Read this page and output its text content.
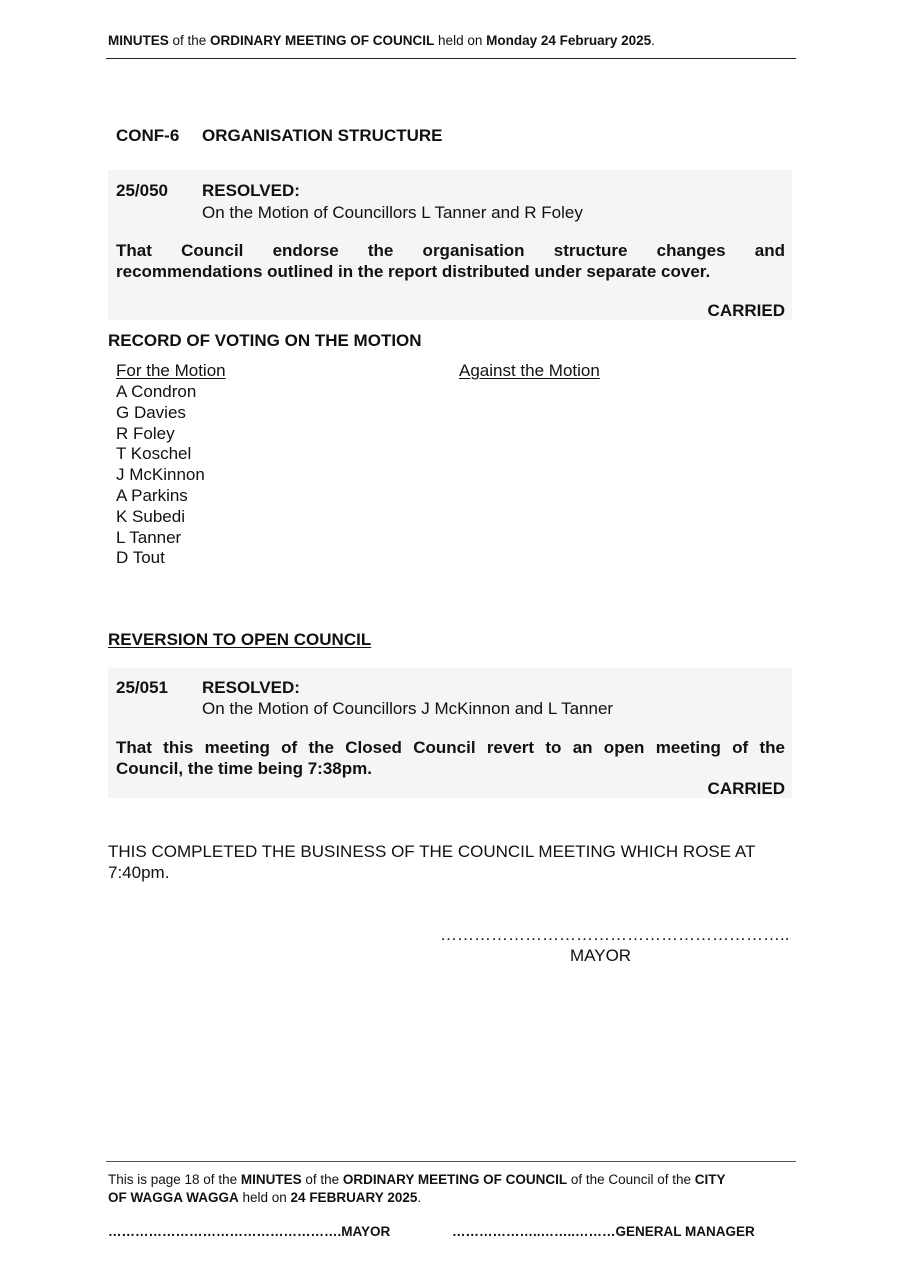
MINUTES of the ORDINARY MEETING OF COUNCIL held on Monday 24 February 2025.
CONF-6 ORGANISATION STRUCTURE
25/050 RESOLVED:
On the Motion of Councillors L Tanner and R Foley
That Council endorse the organisation structure changes and
recommendations outlined in the report distributed under separate cover.
CARRIED
RECORD OF VOTING ON THE MOTION
For the Motion	Against the Motion
A Condron
G Davies
R Foley
T Koschel
J McKinnon
A Parkins
K Subedi
L Tanner
D Tout
REVERSION TO OPEN COUNCIL
25/051 RESOLVED:
On the Motion of Councillors J McKinnon and L Tanner
That this meeting of the Closed Council revert to an open meeting of the
Council, the time being 7:38pm.
CARRIED
THIS COMPLETED THE BUSINESS OF THE COUNCIL MEETING WHICH ROSE AT
7:40pm.
……………………………………………………..
MAYOR
This is page 18 of the MINUTES of the ORDINARY MEETING OF COUNCIL of the Council of the CITY
OF WAGGA WAGGA held on 24 FEBRUARY 2025.
…………………………………………….MAYOR	………………..……..………GENERAL MANAGER
